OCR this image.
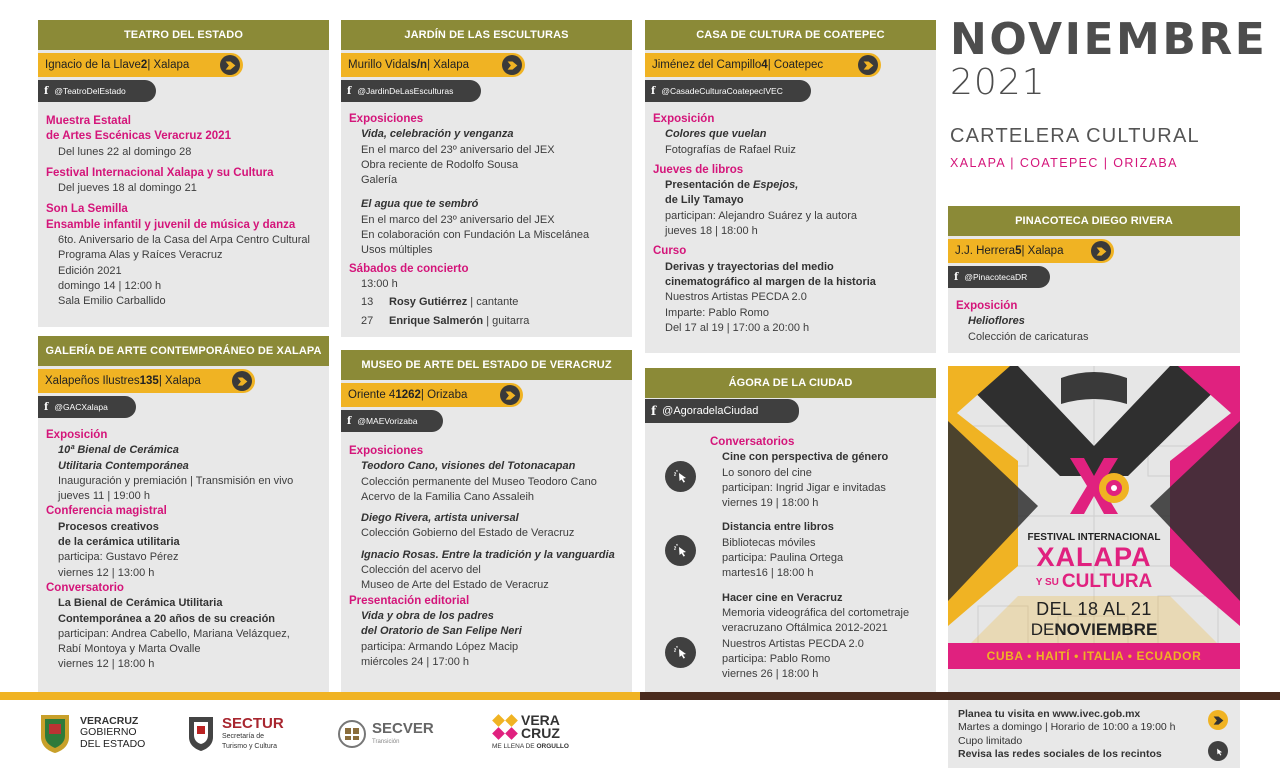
TEATRO DEL ESTADO
Ignacio de la Llave 2 | Xalapa
f @TeatroDelEstado
Muestra Estatal
de Artes Escénicas Veracruz 2021
Del lunes 22 al domingo 28
Festival Internacional Xalapa y su Cultura
Del jueves 18 al domingo 21
Son La Semilla
Ensamble infantil y juvenil de música y danza
6to. Aniversario de la Casa del Arpa Centro Cultural
Programa Alas y Raíces Veracruz
Edición 2021
domingo 14 | 12:00 h
Sala Emilio Carballido
JARDÍN DE LAS ESCULTURAS
Murillo Vidal s/n | Xalapa
f @JardinDeLasEsculturas
Exposiciones
Vida, celebración y venganza
En el marco del 23º aniversario del JEX
Obra reciente de Rodolfo Sousa
Galería
El agua que te sembró
En el marco del 23º aniversario del JEX
En colaboración con Fundación La Miscelánea
Usos múltiples
Sábados de concierto
13:00 h
13 Rosy Gutiérrez | cantante
27 Enrique Salmerón | guitarra
CASA DE CULTURA DE COATEPEC
Jiménez del Campillo 4 | Coatepec
f @CasadeCulturaCoatepecIVEC
Exposición
Colores que vuelan
Fotografías de Rafael Ruiz
Jueves de libros
Presentación de Espejos,
de Lily Tamayo
participan: Alejandro Suárez y la autora
jueves 18 | 18:00 h
Curso
Derivas y trayectorias del medio
cinematográfico al margen de la historia
Nuestros Artistas PECDA 2.0
Imparte: Pablo Romo
Del 17 al 19 | 17:00 a 20:00 h
NOVIEMBRE
2021
CARTELERA CULTURAL
XALAPA | COATEPEC | ORIZABA
PINACOTECA DIEGO RIVERA
J.J. Herrera 5 | Xalapa
f @PinacotecaDR
Exposición
Helioflores
Colección de caricaturas
GALERÍA DE ARTE CONTEMPORÁNEO DE XALAPA
Xalapeños Ilustres 135 | Xalapa
f @GACXalapa
Exposición
10ª Bienal de Cerámica
Utilitaria Contemporánea
Inauguración y premiación | Transmisión en vivo
jueves 11 | 19:00 h
Conferencia magistral
Procesos creativos
de la cerámica utilitaria
participa: Gustavo Pérez
viernes 12 | 13:00 h
Conversatorio
La Bienal de Cerámica Utilitaria
Contemporánea a 20 años de su creación
participan: Andrea Cabello, Mariana Velázquez,
Rabí Montoya y Marta Ovalle
viernes 12 | 18:00 h
MUSEO DE ARTE DEL ESTADO DE VERACRUZ
Oriente 4 1262 | Orizaba
f @MAEVorizaba
Exposiciones
Teodoro Cano, visiones del Totonacapan
Colección permanente del Museo Teodoro Cano
Acervo de la Familia Cano Assaleih
Diego Rivera, artista universal
Colección Gobierno del Estado de Veracruz
Ignacio Rosas. Entre la tradición y la vanguardia
Colección del acervo del
Museo de Arte del Estado de Veracruz
Presentación editorial
Vida y obra de los padres
del Oratorio de San Felipe Neri
participa: Armando López Macip
miércoles 24 | 17:00 h
ÁGORA DE LA CIUDAD
f @AgoradelaCiudad
Conversatorios
Cine con perspectiva de género
Lo sonoro del cine
participan: Ingrid Jigar e invitadas
viernes 19 | 18:00 h
Distancia entre libros
Bibliotecas móviles
participa: Paulina Ortega
martes16 | 18:00 h
Hacer cine en Veracruz
Memoria videográfica del cortometraje
veracruzano Oftálmica 2012-2021
Nuestros Artistas PECDA 2.0
participa: Pablo Romo
viernes 26 | 18:00 h
FESTIVAL INTERNACIONAL
XALAPA
Y SU CULTURA
DEL 18 AL 21
DENOVIEMBRE
CUBA • HAITÍ • ITALIA • ECUADOR
VERACRUZ
GOBIERNO
DEL ESTADO
SECTUR
Secretaría de
Turismo y Cultura
SECVER
Transición
VERA
CRUZ
ME LLENA DE ORGULLO
Planea tu visita en www.ivec.gob.mx
Martes a domingo | Horario de 10:00 a 19:00 h
Cupo limitado
Revisa las redes sociales de los recintos
